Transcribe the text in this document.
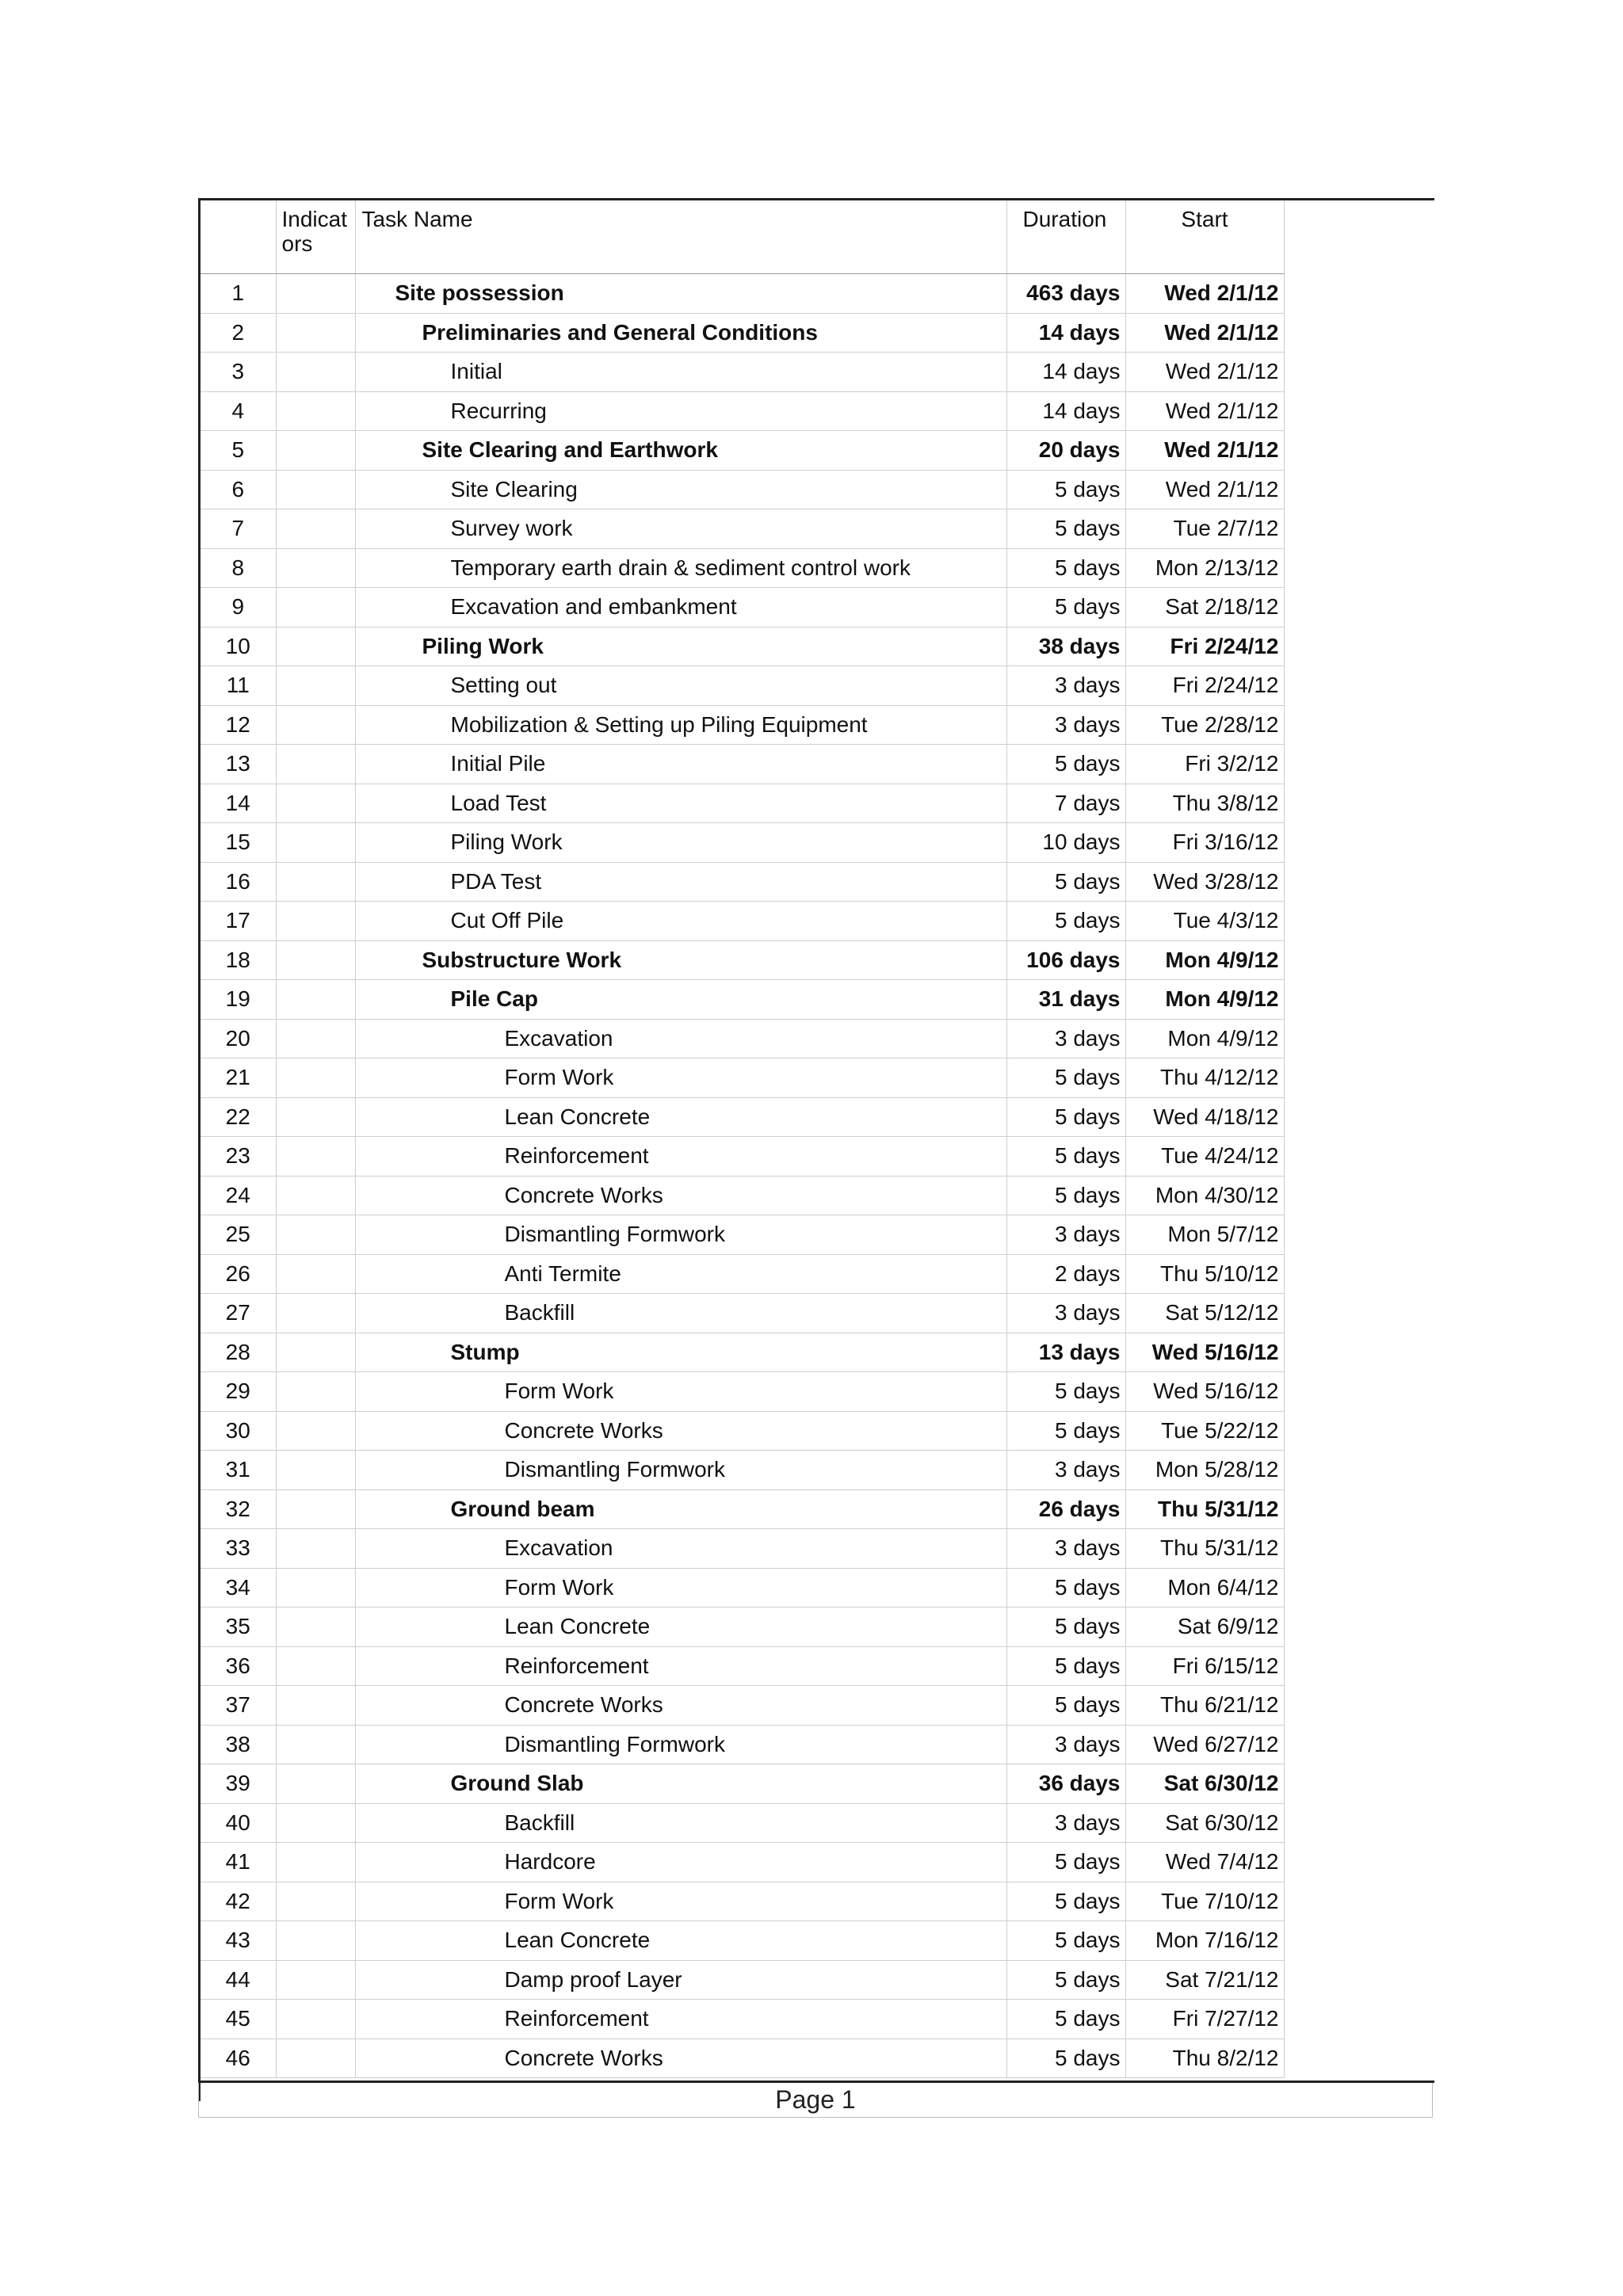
	Indicators	Task Name	Duration	Start
1		Site possession	463 days	Wed 2/1/12
2		Preliminaries and General Conditions	14 days	Wed 2/1/12
3		Initial	14 days	Wed 2/1/12
4		Recurring	14 days	Wed 2/1/12
5		Site Clearing and Earthwork	20 days	Wed 2/1/12
6		Site Clearing	5 days	Wed 2/1/12
7		Survey work	5 days	Tue 2/7/12
8		Temporary earth drain & sediment control work	5 days	Mon 2/13/12
9		Excavation and embankment	5 days	Sat 2/18/12
10		Piling Work	38 days	Fri 2/24/12
11		Setting out	3 days	Fri 2/24/12
12		Mobilization & Setting up Piling Equipment	3 days	Tue 2/28/12
13		Initial Pile	5 days	Fri 3/2/12
14		Load Test	7 days	Thu 3/8/12
15		Piling Work	10 days	Fri 3/16/12
16		PDA Test	5 days	Wed 3/28/12
17		Cut Off Pile	5 days	Tue 4/3/12
18		Substructure Work	106 days	Mon 4/9/12
19		Pile Cap	31 days	Mon 4/9/12
20		Excavation	3 days	Mon 4/9/12
21		Form Work	5 days	Thu 4/12/12
22		Lean Concrete	5 days	Wed 4/18/12
23		Reinforcement	5 days	Tue 4/24/12
24		Concrete Works	5 days	Mon 4/30/12
25		Dismantling Formwork	3 days	Mon 5/7/12
26		Anti Termite	2 days	Thu 5/10/12
27		Backfill	3 days	Sat 5/12/12
28		Stump	13 days	Wed 5/16/12
29		Form Work	5 days	Wed 5/16/12
30		Concrete Works	5 days	Tue 5/22/12
31		Dismantling Formwork	3 days	Mon 5/28/12
32		Ground beam	26 days	Thu 5/31/12
33		Excavation	3 days	Thu 5/31/12
34		Form Work	5 days	Mon 6/4/12
35		Lean Concrete	5 days	Sat 6/9/12
36		Reinforcement	5 days	Fri 6/15/12
37		Concrete Works	5 days	Thu 6/21/12
38		Dismantling Formwork	3 days	Wed 6/27/12
39		Ground Slab	36 days	Sat 6/30/12
40		Backfill	3 days	Sat 6/30/12
41		Hardcore	5 days	Wed 7/4/12
42		Form Work	5 days	Tue 7/10/12
43		Lean Concrete	5 days	Mon 7/16/12
44		Damp proof Layer	5 days	Sat 7/21/12
45		Reinforcement	5 days	Fri 7/27/12
46		Concrete Works	5 days	Thu 8/2/12
Page 1
